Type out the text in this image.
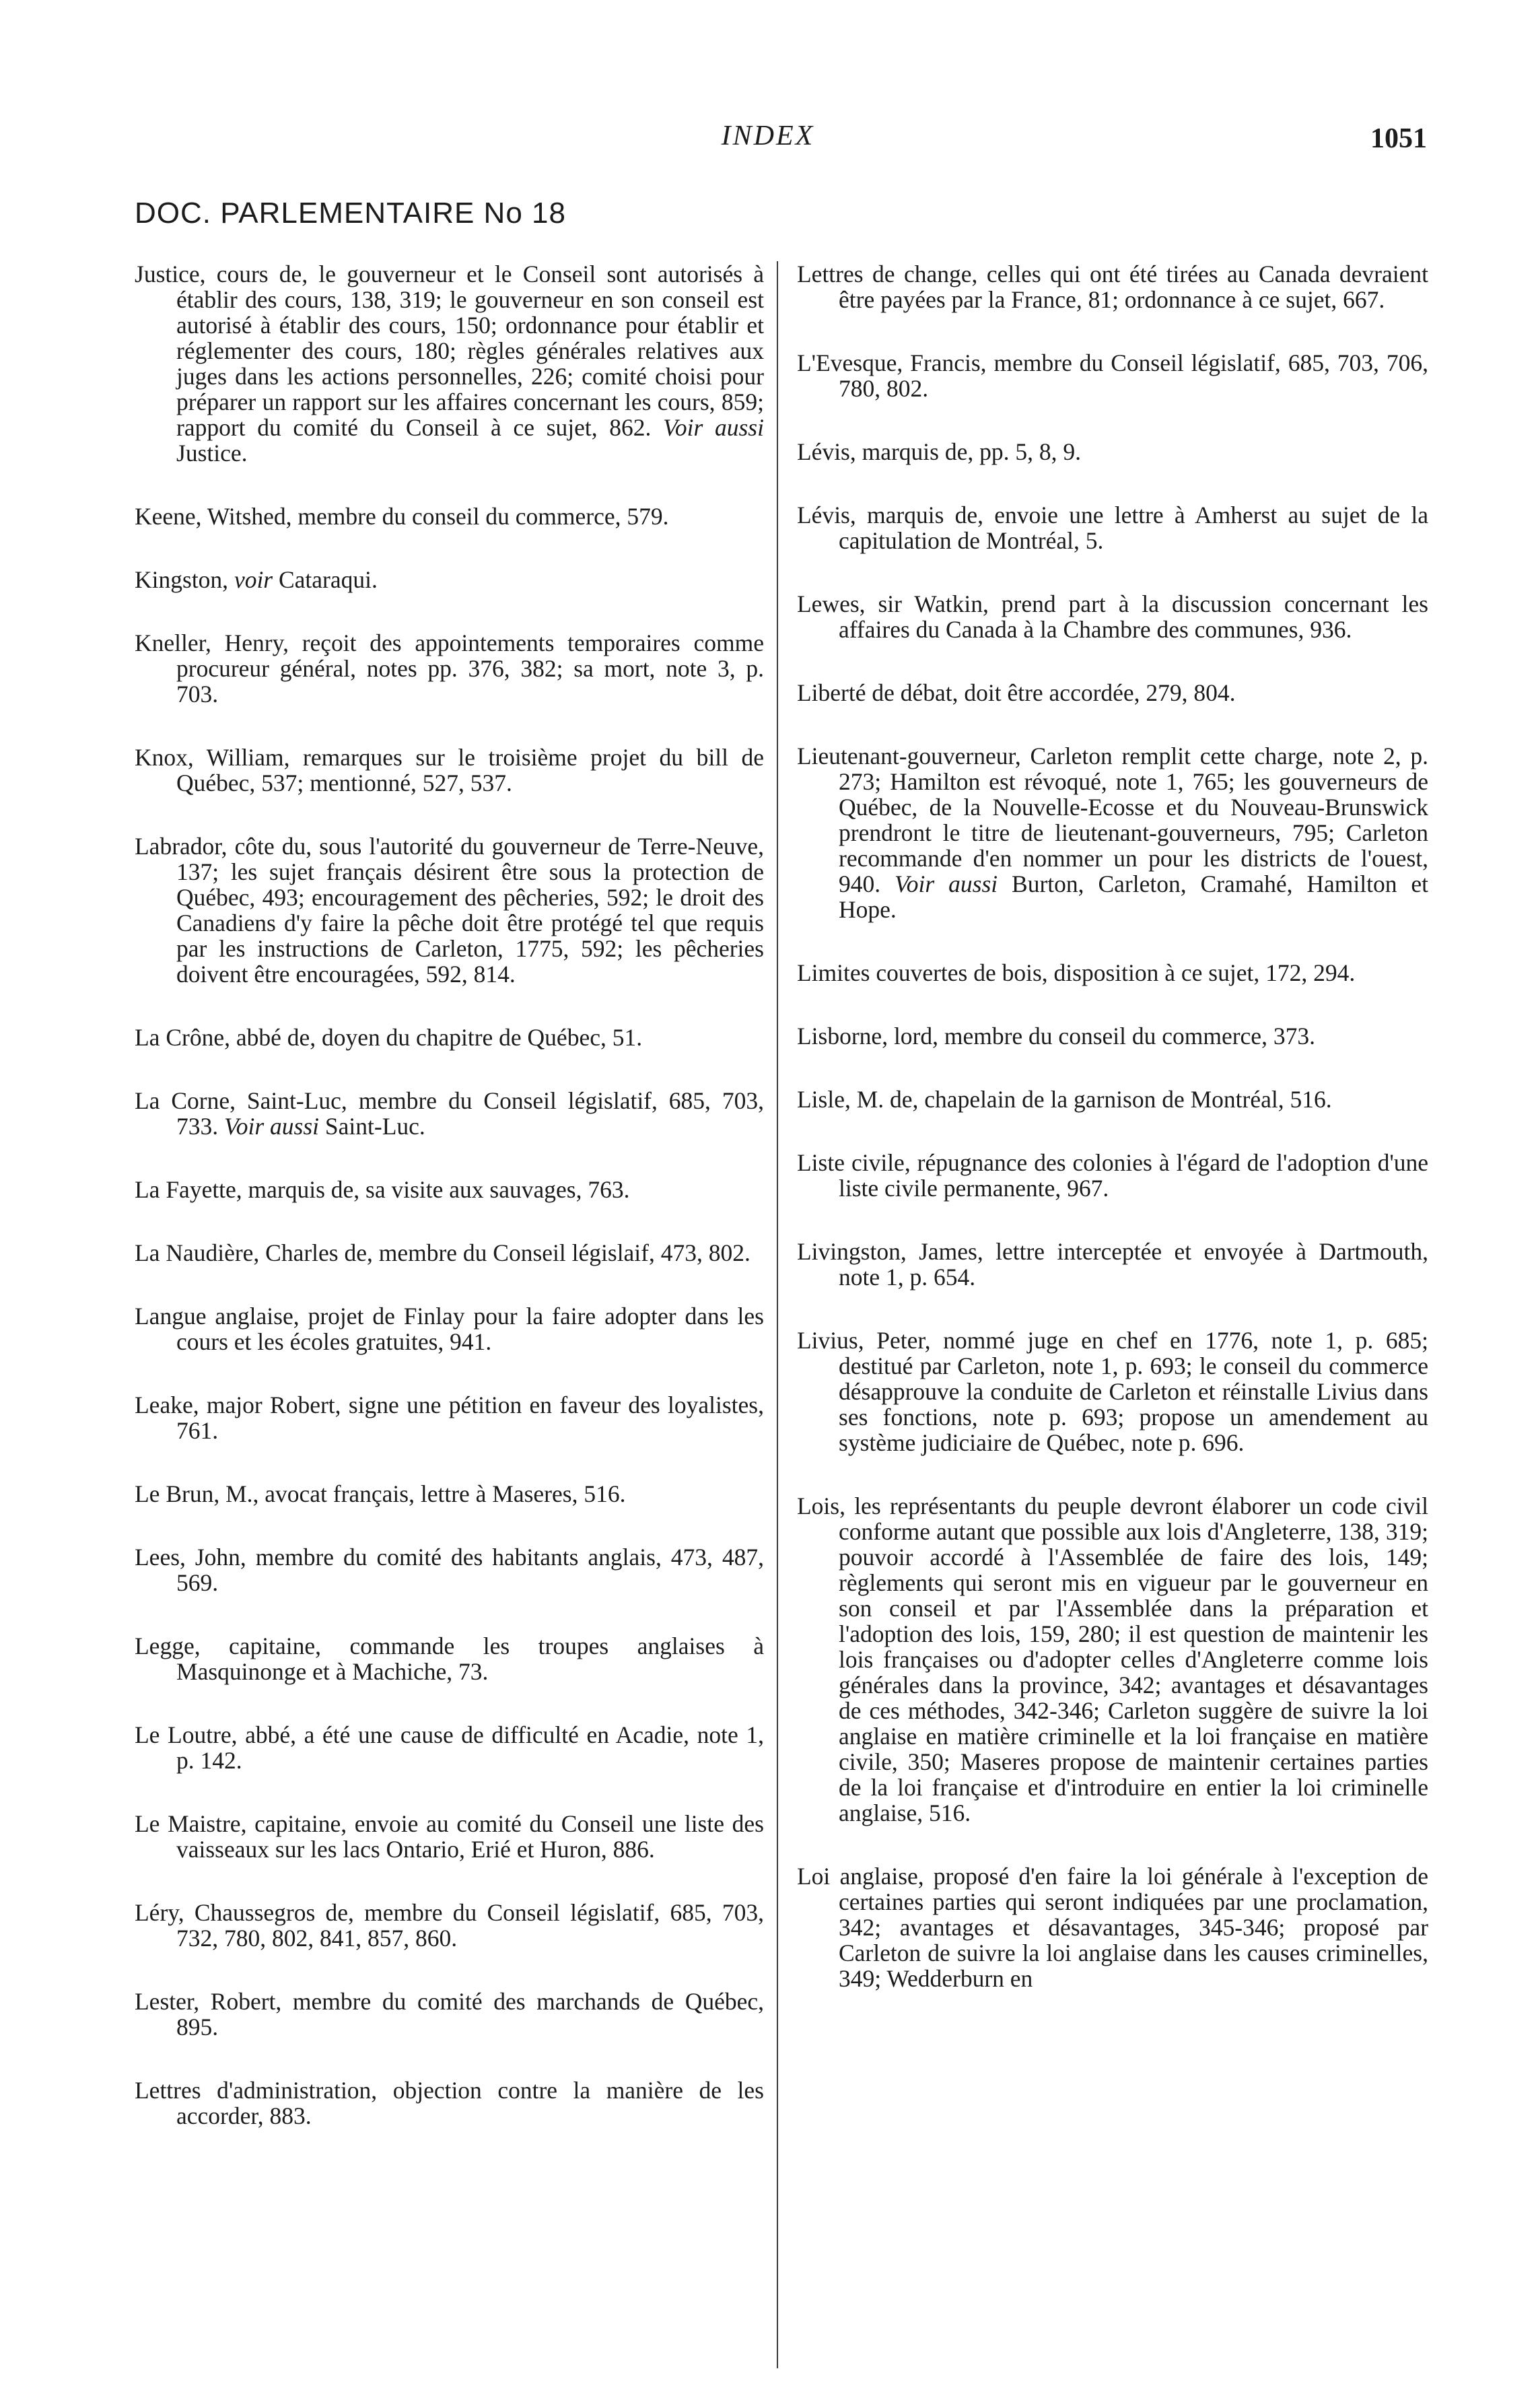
INDEX	1051
DOC. PARLEMENTAIRE No 18

Justice, cours de, le gouverneur et le Conseil sont autorisés à établir des cours, 138, 319; le gouverneur en son conseil est autorisé à établir des cours, 150; ordonnance pour établir et réglementer des cours, 180; règles générales relatives aux juges dans les actions personnelles, 226; comité choisi pour préparer un rapport sur les affaires concernant les cours, 859; rapport du comité du Conseil à ce sujet, 862. Voir aussi Justice.

Keene, Witshed, membre du conseil du commerce, 579.

Kingston, voir Cataraqui.

Kneller, Henry, reçoit des appointements temporaires comme procureur général, notes pp. 376, 382; sa mort, note 3, p. 703.

Knox, William, remarques sur le troisième projet du bill de Québec, 537; mentionné, 527, 537.

Labrador, côte du, sous l'autorité du gouverneur de Terre-Neuve, 137; les sujet français désirent être sous la protection de Québec, 493; encouragement des pêcheries, 592; le droit des Canadiens d'y faire la pêche doit être protégé tel que requis par les instructions de Carleton, 1775, 592; les pêcheries doivent être encouragées, 592, 814.

La Crône, abbé de, doyen du chapitre de Québec, 51.

La Corne, Saint-Luc, membre du Conseil législatif, 685, 703, 733. Voir aussi Saint-Luc.

La Fayette, marquis de, sa visite aux sauvages, 763.

La Naudière, Charles de, membre du Conseil législaif, 473, 802.

Langue anglaise, projet de Finlay pour la faire adopter dans les cours et les écoles gratuites, 941.

Leake, major Robert, signe une pétition en faveur des loyalistes, 761.

Le Brun, M., avocat français, lettre à Maseres, 516.

Lees, John, membre du comité des habitants anglais, 473, 487, 569.

Legge, capitaine, commande les troupes anglaises à Masquinonge et à Machiche, 73.

Le Loutre, abbé, a été une cause de difficulté en Acadie, note 1, p. 142.

Le Maistre, capitaine, envoie au comité du Conseil une liste des vaisseaux sur les lacs Ontario, Erié et Huron, 886.

Léry, Chaussegros de, membre du Conseil législatif, 685, 703, 732, 780, 802, 841, 857, 860.

Lester, Robert, membre du comité des marchands de Québec, 895.

Lettres d'administration, objection contre la manière de les accorder, 883.

Lettres de change, celles qui ont été tirées au Canada devraient être payées par la France, 81; ordonnance à ce sujet, 667.

L'Evesque, Francis, membre du Conseil législatif, 685, 703, 706, 780, 802.

Lévis, marquis de, pp. 5, 8, 9.

Lévis, marquis de, envoie une lettre à Amherst au sujet de la capitulation de Montréal, 5.

Lewes, sir Watkin, prend part à la discussion concernant les affaires du Canada à la Chambre des communes, 936.

Liberté de débat, doit être accordée, 279, 804.

Lieutenant-gouverneur, Carleton remplit cette charge, note 2, p. 273; Hamilton est révoqué, note 1, 765; les gouverneurs de Québec, de la Nouvelle-Ecosse et du Nouveau-Brunswick prendront le titre de lieutenant-gouverneurs, 795; Carleton recommande d'en nommer un pour les districts de l'ouest, 940. Voir aussi Burton, Carleton, Cramahé, Hamilton et Hope.

Limites couvertes de bois, disposition à ce sujet, 172, 294.

Lisborne, lord, membre du conseil du commerce, 373.

Lisle, M. de, chapelain de la garnison de Montréal, 516.

Liste civile, répugnance des colonies à l'égard de l'adoption d'une liste civile permanente, 967.

Livingston, James, lettre interceptée et envoyée à Dartmouth, note 1, p. 654.

Livius, Peter, nommé juge en chef en 1776, note 1, p. 685; destitué par Carleton, note 1, p. 693; le conseil du commerce désapprouve la conduite de Carleton et réinstalle Livius dans ses fonctions, note p. 693; propose un amendement au système judiciaire de Québec, note p. 696.

Lois, les représentants du peuple devront élaborer un code civil conforme autant que possible aux lois d'Angleterre, 138, 319; pouvoir accordé à l'Assemblée de faire des lois, 149; règlements qui seront mis en vigueur par le gouverneur en son conseil et par l'Assemblée dans la préparation et l'adoption des lois, 159, 280; il est question de maintenir les lois françaises ou d'adopter celles d'Angleterre comme lois générales dans la province, 342; avantages et désavantages de ces méthodes, 342-346; Carleton suggère de suivre la loi anglaise en matière criminelle et la loi française en matière civile, 350; Maseres propose de maintenir certaines parties de la loi française et d'introduire en entier la loi criminelle anglaise, 516.

Loi anglaise, proposé d'en faire la loi générale à l'exception de certaines parties qui seront indiquées par une proclamation, 342; avantages et désavantages, 345-346; proposé par Carleton de suivre la loi anglaise dans les causes criminelles, 349; Wedderburn en
